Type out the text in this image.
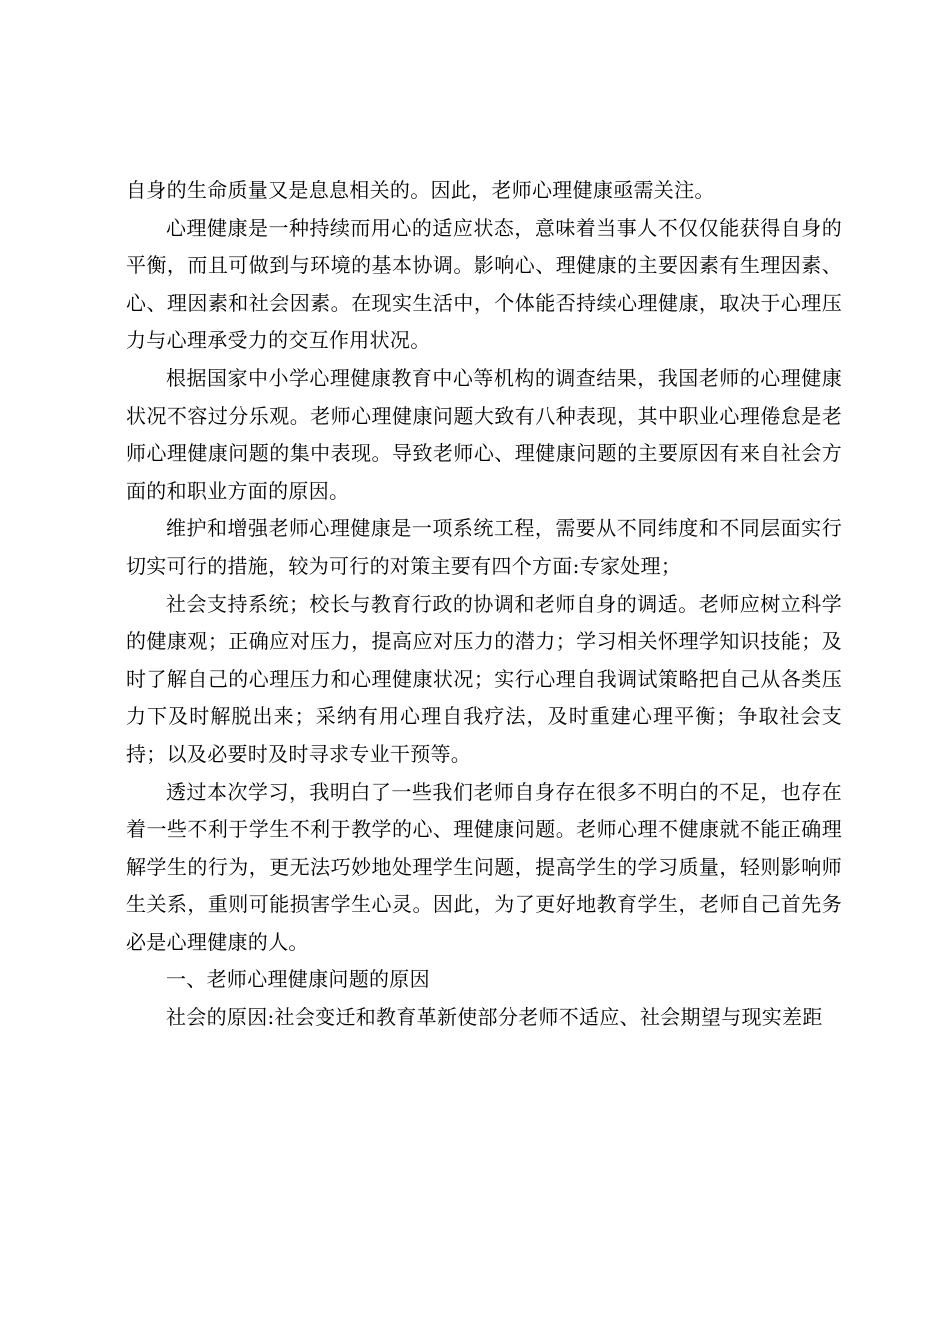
自身的生命质量又是息息相关的。因此，老师心理健康亟需关注。

心理健康是一种持续而用心的适应状态，意味着当事人不仅仅能获得自身的平衡，而且可做到与环境的基本协调。影响心、理健康的主要因素有生理因素、心、理因素和社会因素。在现实生活中，个体能否持续心理健康，取决于心理压力与心理承受力的交互作用状况。

根据国家中小学心理健康教育中心等机构的调查结果，我国老师的心理健康状况不容过分乐观。老师心理健康问题大致有八种表现，其中职业心理倦怠是老师心理健康问题的集中表现。导致老师心、理健康问题的主要原因有来自社会方面的和职业方面的原因。

维护和增强老师心理健康是一项系统工程，需要从不同纬度和不同层面实行切实可行的措施，较为可行的对策主要有四个方面:专家处理；

社会支持系统；校长与教育行政的协调和老师自身的调适。老师应树立科学的健康观；正确应对压力，提高应对压力的潜力；学习相关怀理学知识技能；及时了解自己的心理压力和心理健康状况；实行心理自我调试策略把自己从各类压力下及时解脱出来；采纳有用心理自我疗法，及时重建心理平衡；争取社会支持；以及必要时及时寻求专业干预等。

透过本次学习，我明白了一些我们老师自身存在很多不明白的不足，也存在着一些不利于学生不利于教学的心、理健康问题。老师心理不健康就不能正确理解学生的行为，更无法巧妙地处理学生问题，提高学生的学习质量，轻则影响师生关系，重则可能损害学生心灵。因此，为了更好地教育学生，老师自己首先务必是心理健康的人。

一、老师心理健康问题的原因

社会的原因:社会变迁和教育革新使部分老师不适应、社会期望与现实差距
